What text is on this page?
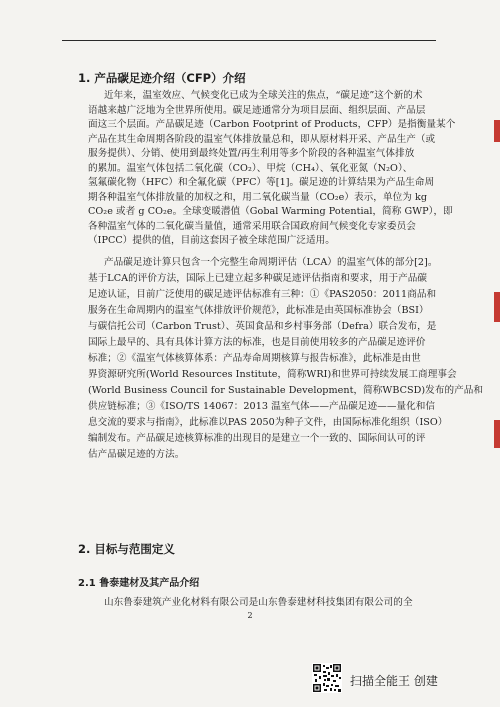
1. 产品碳足迹介绍（CFP）介绍
近年来，温室效应、气候变化已成为全球关注的焦点，“碳足迹”这个新的术
语越来越广泛地为全世界所使用。碳足迹通常分为项目层面、组织层面、产品层
面这三个层面。产品碳足迹（Carbon Footprint of Products，CFP）是指衡量某个
产品在其生命周期各阶段的温室气体排放量总和，即从原材料开采、产品生产（或
服务提供）、分销、使用到最终处置/再生利用等多个阶段的各种温室气体排放
的累加。温室气体包括二氧化碳（CO₂）、甲烷（CH₄）、氧化亚氮（N₂O）、
氢氟碳化物（HFC）和全氟化碳（PFC）等[1]。碳足迹的计算结果为产品生命周
期各种温室气体排放量的加权之和，用二氧化碳当量（CO₂e）表示，单位为 kg
CO₂e 或者 g CO₂e。全球变暖潜值（Gobal Warming Potential，简称 GWP），即
各种温室气体的二氧化碳当量值，通常采用联合国政府间气候变化专家委员会
（IPCC）提供的值，目前这套因子被全球范围广泛适用。
产品碳足迹计算只包含一个完整生命周期评估（LCA）的温室气体的部分[2]。
基于LCA的评价方法，国际上已建立起多种碳足迹评估指南和要求，用于产品碳
足迹认证，目前广泛使用的碳足迹评估标准有三种：①《PAS2050：2011商品和
服务在生命周期内的温室气体排放评价规范》，此标准是由英国标准协会（BSI）
与碳信托公司（Carbon Trust）、英国食品和乡村事务部（Defra）联合发布，是
国际上最早的、具有具体计算方法的标准，也是目前使用较多的产品碳足迹评价
标准；②《温室气体核算体系：产品寿命周期核算与报告标准》，此标准是由世
界资源研究所(World Resources Institute，简称WRI)和世界可持续发展工商理事会
(World Business Council for Sustainable Development，简称WBCSD)发布的产品和
供应链标准；③《ISO/TS 14067：2013 温室气体——产品碳足迹——量化和信
息交流的要求与指南》，此标准以PAS 2050为种子文件，由国际标准化组织（ISO）
编制发布。产品碳足迹核算标准的出现目的是建立一个一致的、国际间认可的评
估产品碳足迹的方法。
2. 目标与范围定义
2.1 鲁泰建材及其产品介绍
山东鲁泰建筑产业化材料有限公司是山东鲁泰建材科技集团有限公司的全
2
扫描全能王 创建
